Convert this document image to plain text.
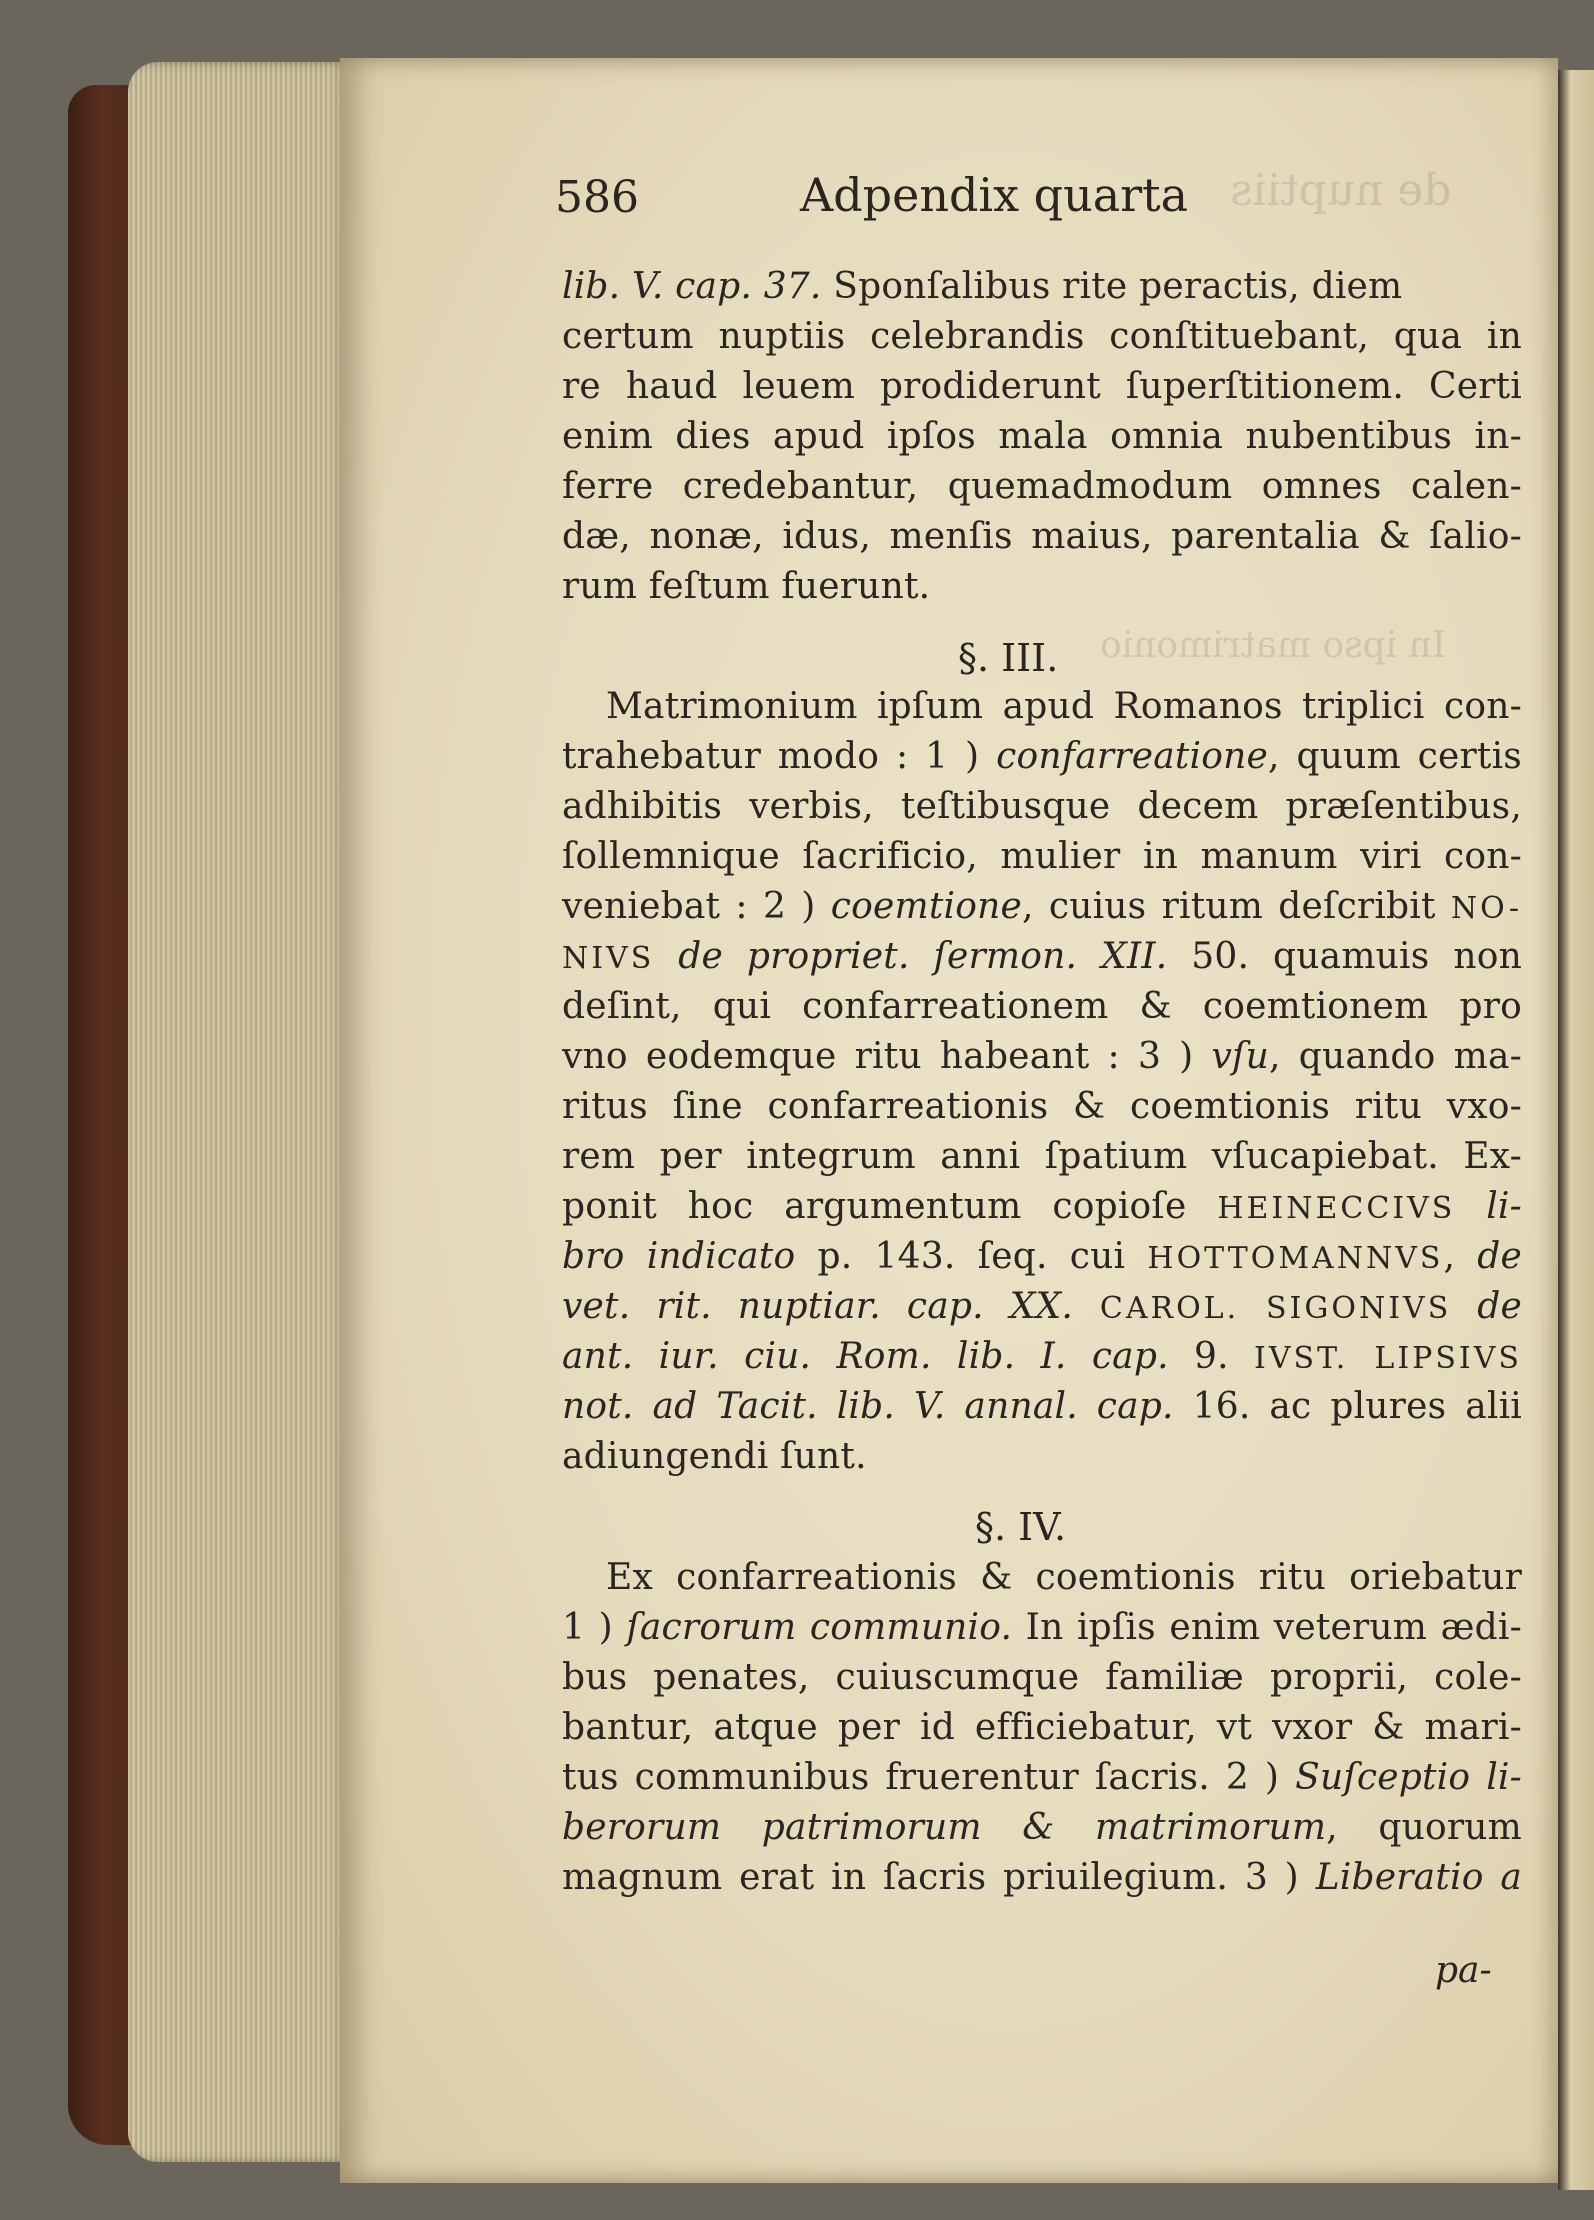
de nuptiis
In ipso matrimonio
586	Adpendix quarta
lib. V. cap. 37. Sponſalibus rite peractis, diem
certum nuptiis celebrandis conſtituebant, qua in
re haud leuem prodiderunt ſuperſtitionem. Certi
enim dies apud ipſos mala omnia nubentibus in-
ferre credebantur, quemadmodum omnes calen-
dæ, nonæ, idus, menſis maius, parentalia & ſalio-
rum feſtum fuerunt.
§. III.
Matrimonium ipſum apud Romanos triplici con-
trahebatur modo : 1 ) confarreatione, quum certis
adhibitis verbis, teſtibusque decem præſentibus,
ſollemnique ſacrificio, mulier in manum viri con-
veniebat : 2 ) coemtione, cuius ritum deſcribit NO-
NIVS de propriet. ſermon. XII. 50. quamuis non
deſint, qui confarreationem & coemtionem pro
vno eodemque ritu habeant : 3 ) vſu, quando ma-
ritus ſine confarreationis & coemtionis ritu vxo-
rem per integrum anni ſpatium vſucapiebat. Ex-
ponit hoc argumentum copioſe HEINECCIVS li-
bro indicato p. 143. ſeq. cui HOTTOMANNVS, de
vet. rit. nuptiar. cap. XX. CAROL. SIGONIVS de
ant. iur. ciu. Rom. lib. I. cap. 9. IVST. LIPSIVS
not. ad Tacit. lib. V. annal. cap. 16. ac plures alii
adiungendi ſunt.
§. IV.
Ex confarreationis & coemtionis ritu oriebatur
1 ) ſacrorum communio. In ipſis enim veterum ædi-
bus penates, cuiuscumque familiæ proprii, cole-
bantur, atque per id efficiebatur, vt vxor & mari-
tus communibus fruerentur ſacris. 2 ) Suſceptio li-
berorum patrimorum & matrimorum, quorum
magnum erat in ſacris priuilegium. 3 ) Liberatio a
pa-
